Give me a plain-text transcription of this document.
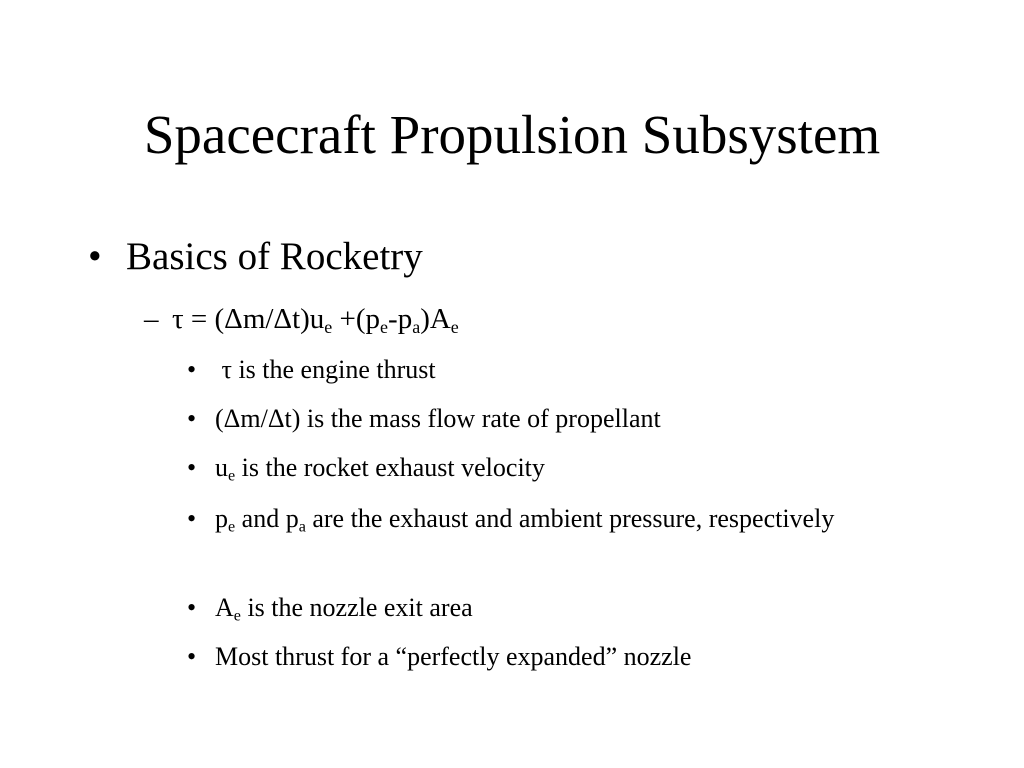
Spacecraft Propulsion Subsystem
• Basics of Rocketry
– $\tau = (\Delta m/\Delta t)u_e +(p_e-p_a)A_e$
• τ is the engine thrust
• (Δm/Δt) is the mass flow rate of propellant
• $u_e$ is the rocket exhaust velocity
• $p_e$ and $p_a$ are the exhaust and ambient pressure, respectively
• $A_e$ is the nozzle exit area
• Most thrust for a “perfectly expanded” nozzle
